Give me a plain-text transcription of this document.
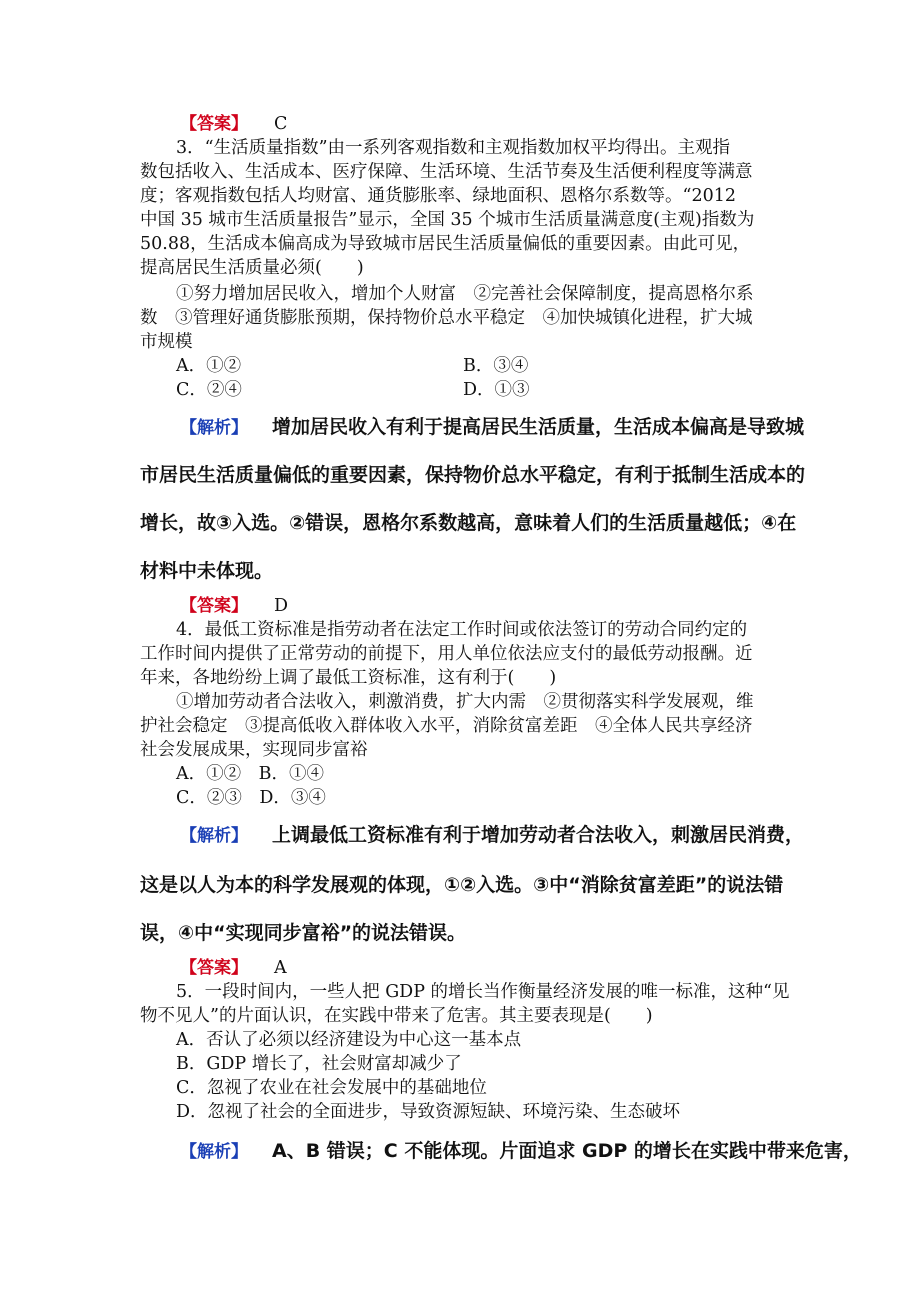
【答案】 C
3．“生活质量指数”由一系列客观指数和主观指数加权平均得出。主观指
数包括收入、生活成本、医疗保障、生活环境、生活节奏及生活便利程度等满意
度；客观指数包括人均财富、通货膨胀率、绿地面积、恩格尔系数等。“2012
中国 35 城市生活质量报告”显示，全国 35 个城市生活质量满意度(主观)指数为
50.88，生活成本偏高成为导致城市居民生活质量偏低的重要因素。由此可见，
提高居民生活质量必须(　　)
①努力增加居民收入，增加个人财富　②完善社会保障制度，提高恩格尔系
数　③管理好通货膨胀预期，保持物价总水平稳定　④加快城镇化进程，扩大城
市规模
A．①②	B．③④
C．②④	D．①③
【解析】 增加居民收入有利于提高居民生活质量，生活成本偏高是导致城
市居民生活质量偏低的重要因素，保持物价总水平稳定，有利于抵制生活成本的
增长，故③入选。②错误，恩格尔系数越高，意味着人们的生活质量越低；④在
材料中未体现。
【答案】 D
4．最低工资标准是指劳动者在法定工作时间或依法签订的劳动合同约定的
工作时间内提供了正常劳动的前提下，用人单位依法应支付的最低劳动报酬。近
年来，各地纷纷上调了最低工资标准，这有利于(　　)
①增加劳动者合法收入，刺激消费，扩大内需　②贯彻落实科学发展观，维
护社会稳定　③提高低收入群体收入水平，消除贫富差距　④全体人民共享经济
社会发展成果，实现同步富裕
A．①②　B．①④
C．②③　D．③④
【解析】 上调最低工资标准有利于增加劳动者合法收入，刺激居民消费，
这是以人为本的科学发展观的体现，①②入选。③中“消除贫富差距”的说法错
误，④中“实现同步富裕”的说法错误。
【答案】 A
5．一段时间内，一些人把 GDP 的增长当作衡量经济发展的唯一标准，这种“见
物不见人”的片面认识，在实践中带来了危害。其主要表现是(　　)
A．否认了必须以经济建设为中心这一基本点
B．GDP 增长了，社会财富却减少了
C．忽视了农业在社会发展中的基础地位
D．忽视了社会的全面进步，导致资源短缺、环境污染、生态破坏
【解析】 A、B 错误；C 不能体现。片面追求 GDP 的增长在实践中带来危害，
